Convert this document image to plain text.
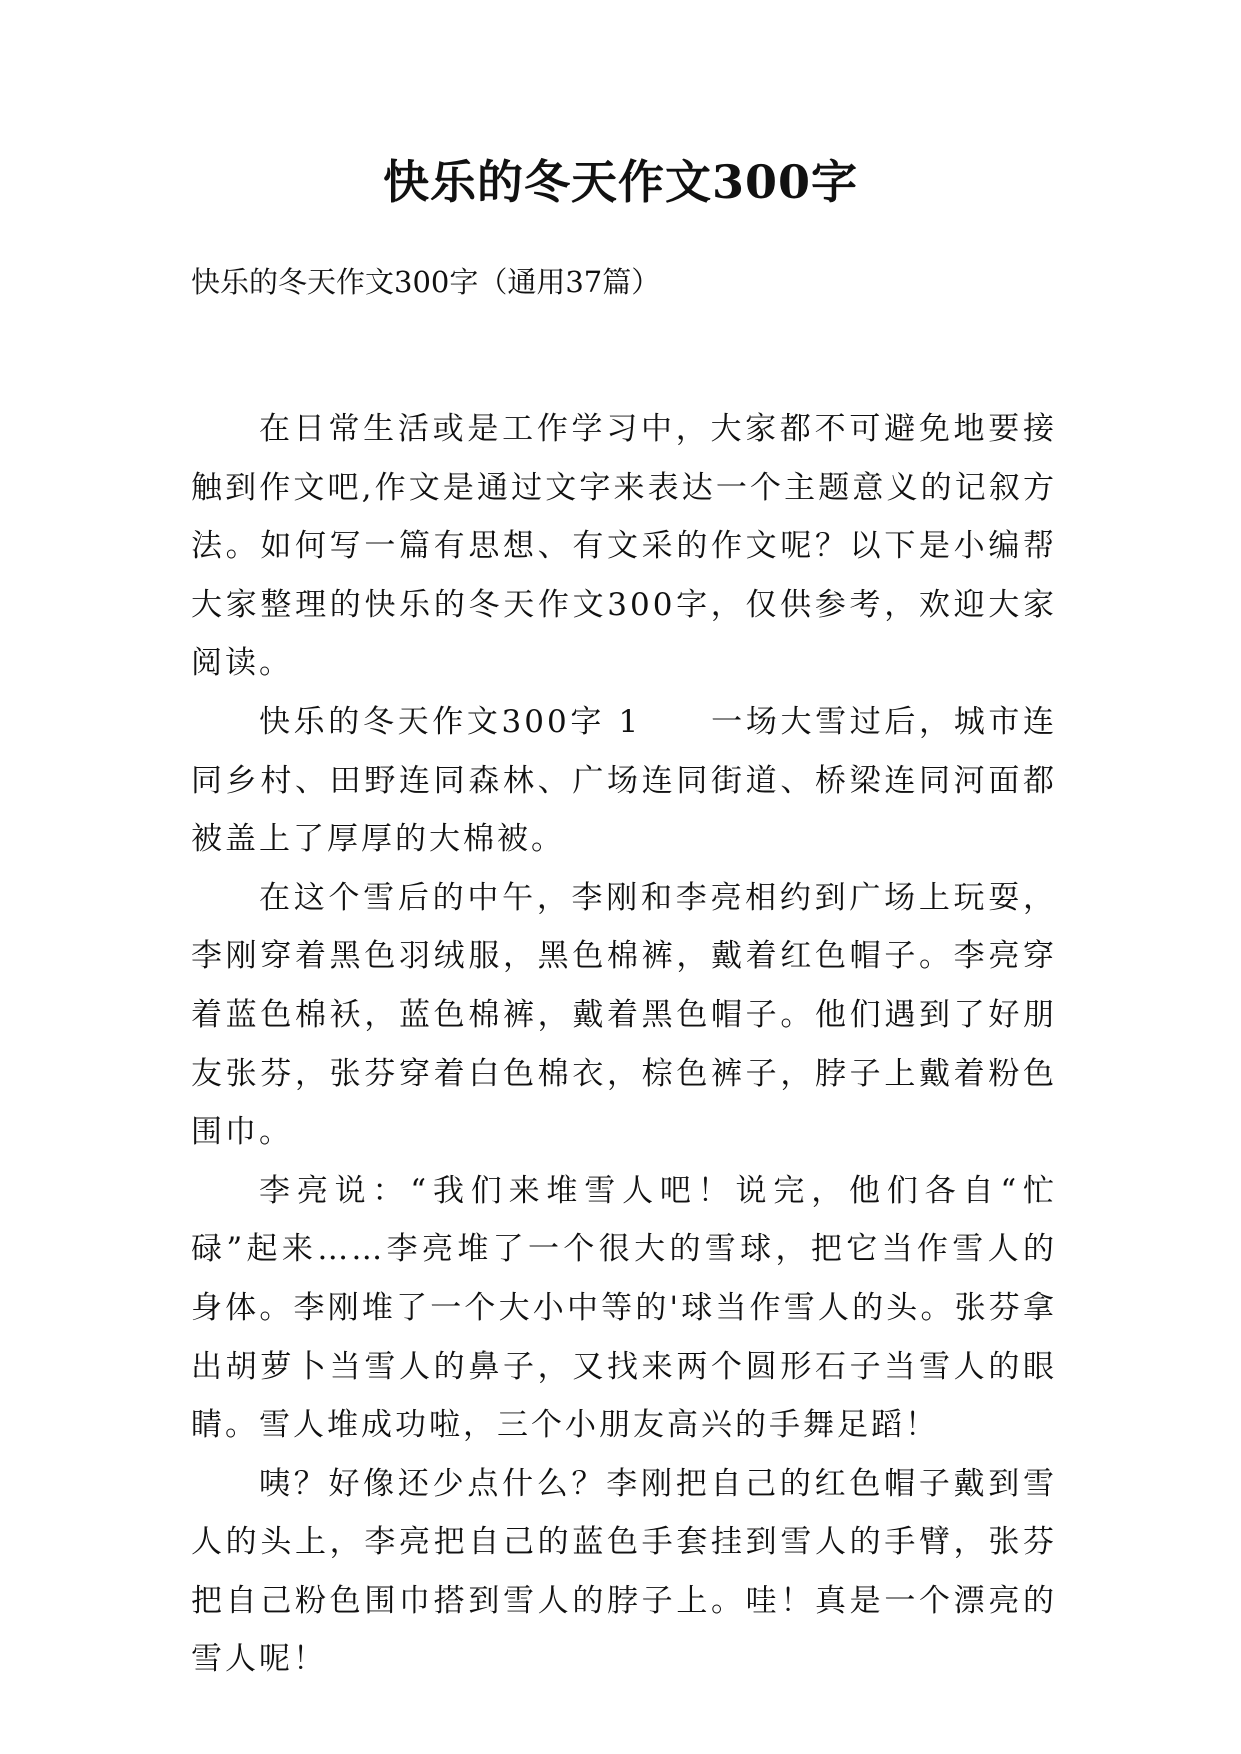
快乐的冬天作文300字

快乐的冬天作文300字（通用37篇）

在日常生活或是工作学习中，大家都不可避免地要接触到作文吧,作文是通过文字来表达一个主题意义的记叙方法。如何写一篇有思想、有文采的作文呢？以下是小编帮大家整理的快乐的冬天作文300字，仅供参考，欢迎大家阅读。

快乐的冬天作文300字 1　　一场大雪过后，城市连同乡村、田野连同森林、广场连同街道、桥梁连同河面都被盖上了厚厚的大棉被。

在这个雪后的中午，李刚和李亮相约到广场上玩耍，李刚穿着黑色羽绒服，黑色棉裤，戴着红色帽子。李亮穿着蓝色棉袄，蓝色棉裤，戴着黑色帽子。他们遇到了好朋友张芬，张芬穿着白色棉衣，棕色裤子，脖子上戴着粉色围巾。

李亮说：“我们来堆雪人吧！说完，他们各自“忙碌”起来……李亮堆了一个很大的雪球，把它当作雪人的身体。李刚堆了一个大小中等的'球当作雪人的头。张芬拿出胡萝卜当雪人的鼻子，又找来两个圆形石子当雪人的眼睛。雪人堆成功啦，三个小朋友高兴的手舞足蹈！

咦？好像还少点什么？李刚把自己的红色帽子戴到雪人的头上，李亮把自己的蓝色手套挂到雪人的手臂，张芬把自己粉色围巾搭到雪人的脖子上。哇！真是一个漂亮的雪人呢！
